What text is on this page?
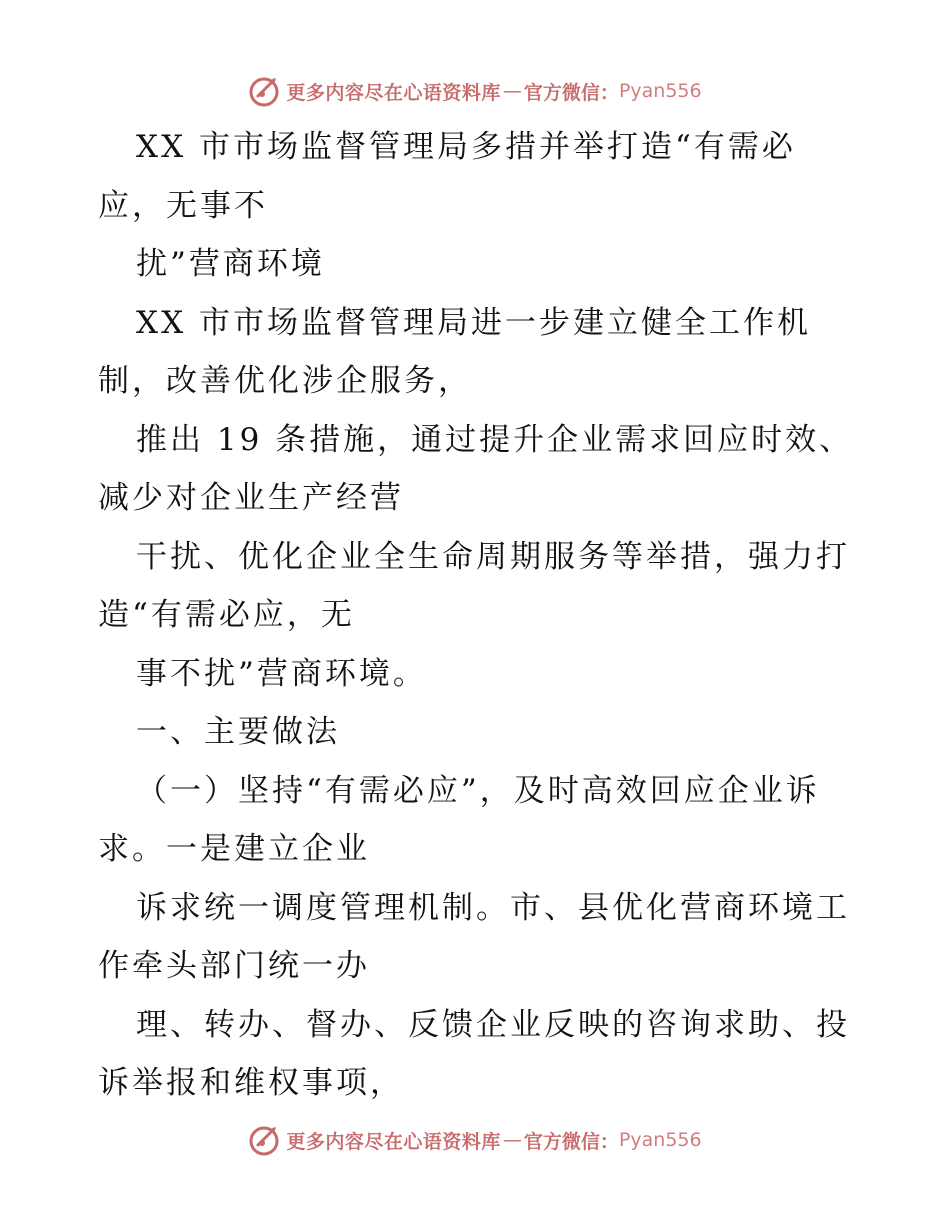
更多内容尽在心语资料库 — 官方微信： Pyan556
XX 市市场监督管理局多措并举打造“有需必
应，无事不
扰”营商环境
XX 市市场监督管理局进一步建立健全工作机
制，改善优化涉企服务，
推出 19 条措施，通过提升企业需求回应时效、
减少对企业生产经营
干扰、优化企业全生命周期服务等举措，强力打
造“有需必应，无
事不扰”营商环境。
一、主要做法
（一）坚持“有需必应”，及时高效回应企业诉
求。一是建立企业
诉求统一调度管理机制。市、县优化营商环境工
作牵头部门统一办
理、转办、督办、反馈企业反映的咨询求助、投
诉举报和维权事项，
更多内容尽在心语资料库 — 官方微信： Pyan556
